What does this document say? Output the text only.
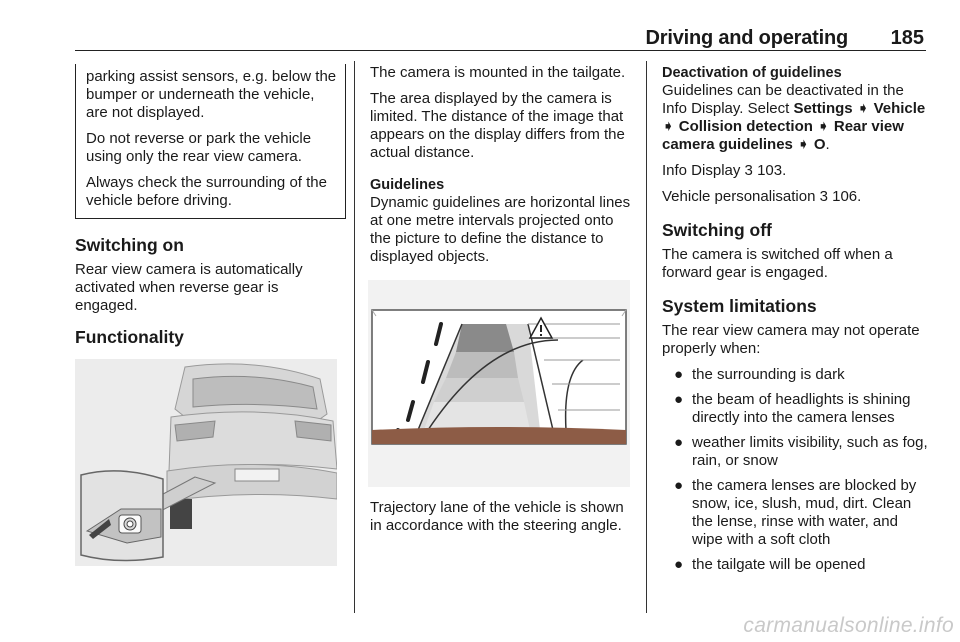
Driving and operating 185

parking assist sensors, e.g. below the bumper or underneath the vehicle, are not displayed.

Do not reverse or park the vehicle using only the rear view camera.

Always check the surrounding of the vehicle before driving.

Switching on

Rear view camera is automatically activated when reverse gear is engaged.

Functionality

The camera is mounted in the tailgate.

The area displayed by the camera is limited. The distance of the image that appears on the display differs from the actual distance.

Guidelines

Dynamic guidelines are horizontal lines at one metre intervals projected onto the picture to define the distance to displayed objects.

Trajectory lane of the vehicle is shown in accordance with the steering angle.

Deactivation of guidelines

Guidelines can be deactivated in the Info Display. Select Settings ➧ Vehicle ➧ Collision detection ➧ Rear view camera guidelines ➧ O.

Info Display 3 103.

Vehicle personalisation 3 106.

Switching off

The camera is switched off when a forward gear is engaged.

System limitations

The rear view camera may not operate properly when:

● the surrounding is dark
● the beam of headlights is shining directly into the camera lenses
● weather limits visibility, such as fog, rain, or snow
● the camera lenses are blocked by snow, ice, slush, mud, dirt. Clean the lense, rinse with water, and wipe with a soft cloth
● the tailgate will be opened
carmanualsonline.info
